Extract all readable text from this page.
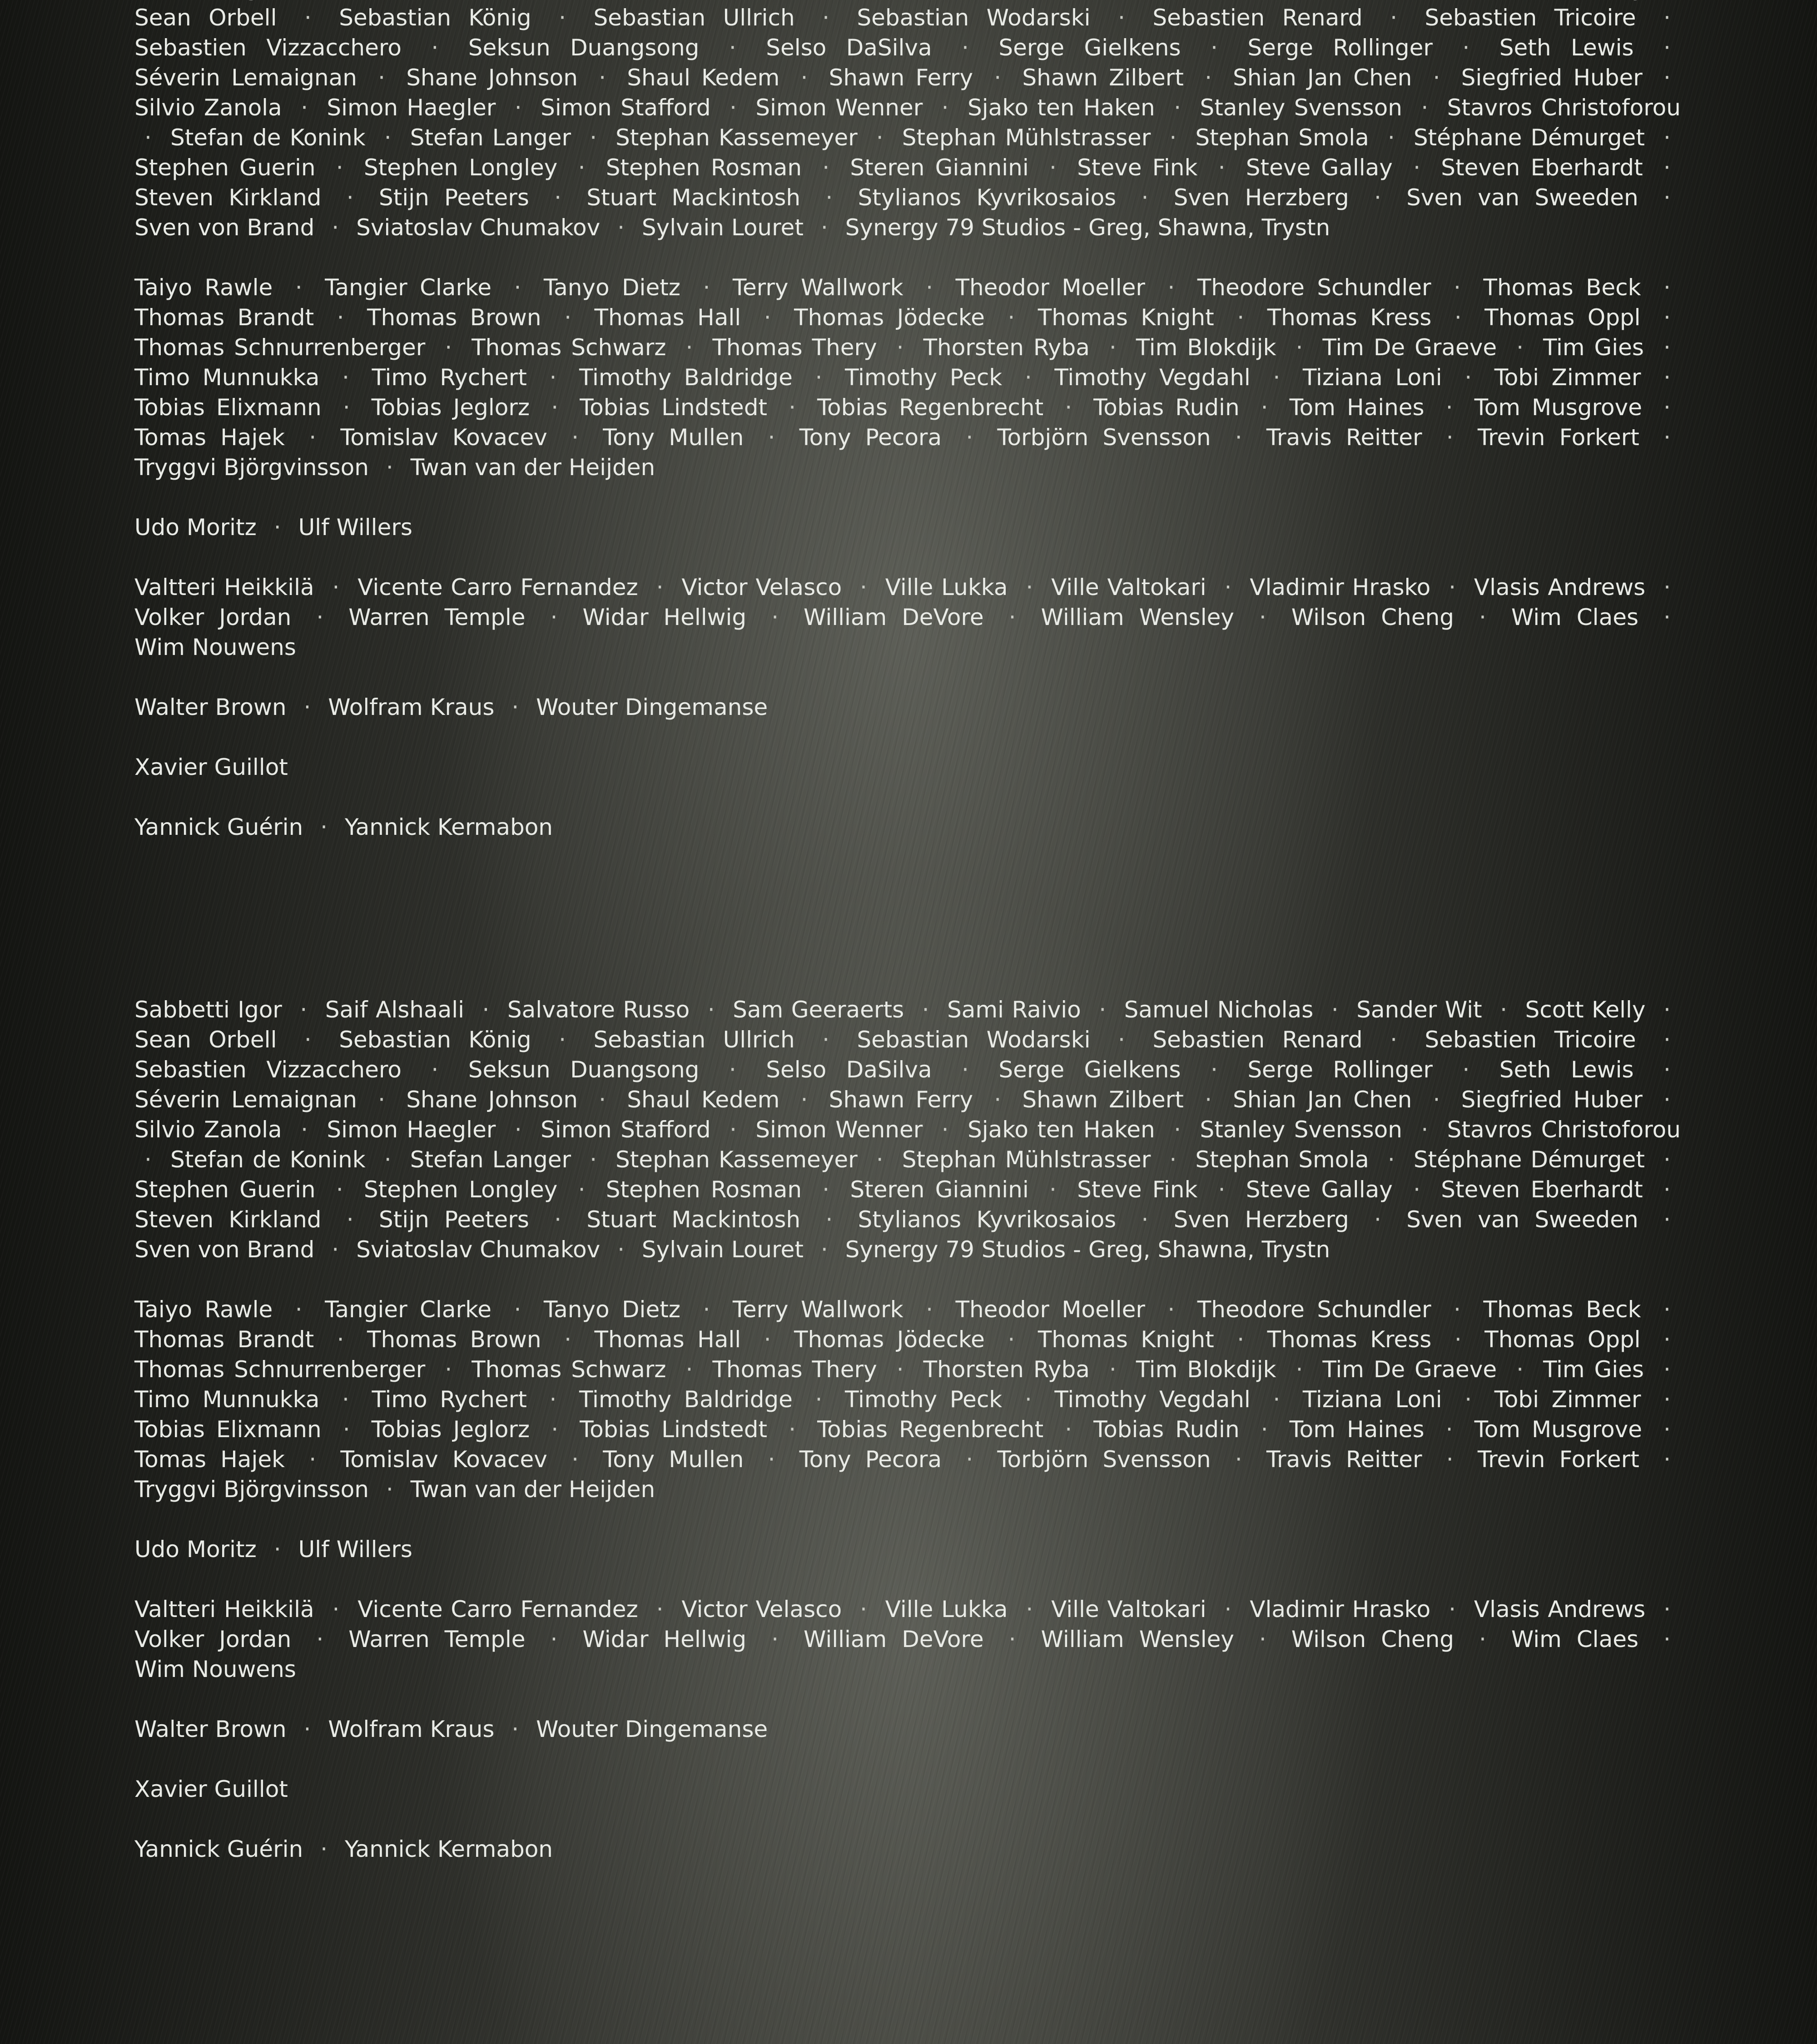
Sean Orbell · Sebastian König · Sebastian Ullrich · Sebastian Wodarski · Sebastien Renard · Sebastien Tricoire · Sebastien Vizzacchero · Seksun Duangsong · Selso DaSilva · Serge Gielkens · Serge Rollinger · Seth Lewis · Séverin Lemaignan · Shane Johnson · Shaul Kedem · Shawn Ferry · Shawn Zilbert · Shian Jan Chen · Siegfried Huber · Silvio Zanola · Simon Haegler · Simon Stafford · Simon Wenner · Sjako ten Haken · Stanley Svensson · Stavros Christoforou · Stefan de Konink · Stefan Langer · Stephan Kassemeyer · Stephan Mühlstrasser · Stephan Smola · Stéphane Démurget · Stephen Guerin · Stephen Longley · Stephen Rosman · Steren Giannini · Steve Fink · Steve Gallay · Steven Eberhardt · Steven Kirkland · Stijn Peeters · Stuart Mackintosh · Stylianos Kyvrikosaios · Sven Herzberg · Sven van Sweeden · Sven von Brand · Sviatoslav Chumakov · Sylvain Louret · Synergy 79 Studios - Greg, Shawna, Trystn

Taiyo Rawle · Tangier Clarke · Tanyo Dietz · Terry Wallwork · Theodor Moeller · Theodore Schundler · Thomas Beck · Thomas Brandt · Thomas Brown · Thomas Hall · Thomas Jödecke · Thomas Knight · Thomas Kress · Thomas Oppl · Thomas Schnurrenberger · Thomas Schwarz · Thomas Thery · Thorsten Ryba · Tim Blokdijk · Tim De Graeve · Tim Gies · Timo Munnukka · Timo Rychert · Timothy Baldridge · Timothy Peck · Timothy Vegdahl · Tiziana Loni · Tobi Zimmer · Tobias Elixmann · Tobias Jeglorz · Tobias Lindstedt · Tobias Regenbrecht · Tobias Rudin · Tom Haines · Tom Musgrove · Tomas Hajek · Tomislav Kovacev · Tony Mullen · Tony Pecora · Torbjörn Svensson · Travis Reitter · Trevin Forkert · Tryggvi Björgvinsson · Twan van der Heijden

Udo Moritz · Ulf Willers

Valtteri Heikkilä · Vicente Carro Fernandez · Victor Velasco · Ville Lukka · Ville Valtokari · Vladimir Hrasko · Vlasis Andrews · Volker Jordan · Warren Temple · Widar Hellwig · William DeVore · William Wensley · Wilson Cheng · Wim Claes · Wim Nouwens

Walter Brown · Wolfram Kraus · Wouter Dingemanse

Xavier Guillot

Yannick Guérin · Yannick Kermabon

Sabbetti Igor · Saif Alshaali · Salvatore Russo · Sam Geeraerts · Sami Raivio · Samuel Nicholas · Sander Wit · Scott Kelly · Sean Orbell · Sebastian König · Sebastian Ullrich · Sebastian Wodarski · Sebastien Renard · Sebastien Tricoire · Sebastien Vizzacchero · Seksun Duangsong · Selso DaSilva · Serge Gielkens · Serge Rollinger · Seth Lewis · Séverin Lemaignan · Shane Johnson · Shaul Kedem · Shawn Ferry · Shawn Zilbert · Shian Jan Chen · Siegfried Huber · Silvio Zanola · Simon Haegler · Simon Stafford · Simon Wenner · Sjako ten Haken · Stanley Svensson · Stavros Christoforou · Stefan de Konink · Stefan Langer · Stephan Kassemeyer · Stephan Mühlstrasser · Stephan Smola · Stéphane Démurget · Stephen Guerin · Stephen Longley · Stephen Rosman · Steren Giannini · Steve Fink · Steve Gallay · Steven Eberhardt · Steven Kirkland · Stijn Peeters · Stuart Mackintosh · Stylianos Kyvrikosaios · Sven Herzberg · Sven van Sweeden · Sven von Brand · Sviatoslav Chumakov · Sylvain Louret · Synergy 79 Studios - Greg, Shawna, Trystn

Taiyo Rawle · Tangier Clarke · Tanyo Dietz · Terry Wallwork · Theodor Moeller · Theodore Schundler · Thomas Beck · Thomas Brandt · Thomas Brown · Thomas Hall · Thomas Jödecke · Thomas Knight · Thomas Kress · Thomas Oppl · Thomas Schnurrenberger · Thomas Schwarz · Thomas Thery · Thorsten Ryba · Tim Blokdijk · Tim De Graeve · Tim Gies · Timo Munnukka · Timo Rychert · Timothy Baldridge · Timothy Peck · Timothy Vegdahl · Tiziana Loni · Tobi Zimmer · Tobias Elixmann · Tobias Jeglorz · Tobias Lindstedt · Tobias Regenbrecht · Tobias Rudin · Tom Haines · Tom Musgrove · Tomas Hajek · Tomislav Kovacev · Tony Mullen · Tony Pecora · Torbjörn Svensson · Travis Reitter · Trevin Forkert · Tryggvi Björgvinsson · Twan van der Heijden

Udo Moritz · Ulf Willers

Valtteri Heikkilä · Vicente Carro Fernandez · Victor Velasco · Ville Lukka · Ville Valtokari · Vladimir Hrasko · Vlasis Andrews · Volker Jordan · Warren Temple · Widar Hellwig · William DeVore · William Wensley · Wilson Cheng · Wim Claes · Wim Nouwens

Walter Brown · Wolfram Kraus · Wouter Dingemanse

Xavier Guillot

Yannick Guérin · Yannick Kermabon
